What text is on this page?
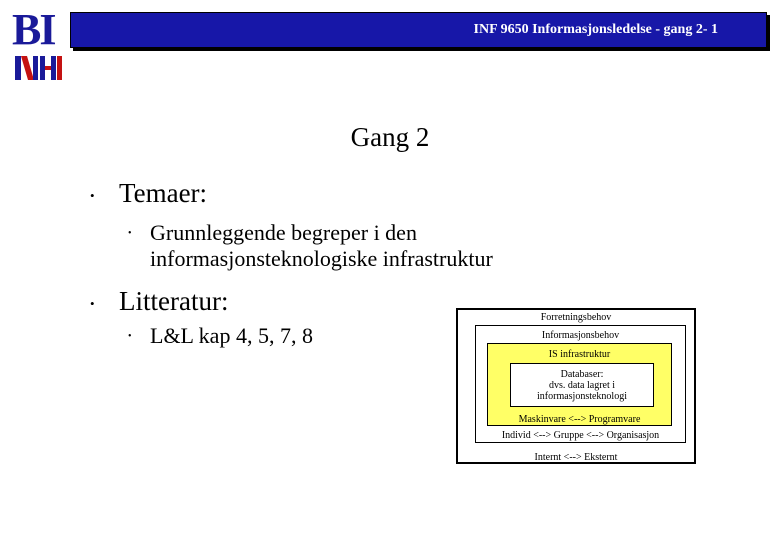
BI	INF 9650 Informasjonsledelse - gang 2- 1
Gang 2
• Temaer:
• Grunnleggende begreper i den
informasjonsteknologiske infrastruktur
• Litteratur:
• L&L kap 4, 5, 7, 8
Forretningsbehov
Internt <--> Eksternt
Informasjonsbehov
Individ <--> Gruppe <--> Organisasjon
IS infrastruktur
Maskinvare <--> Programvare
Databaser:
dvs. data lagret i
informasjonsteknologi
